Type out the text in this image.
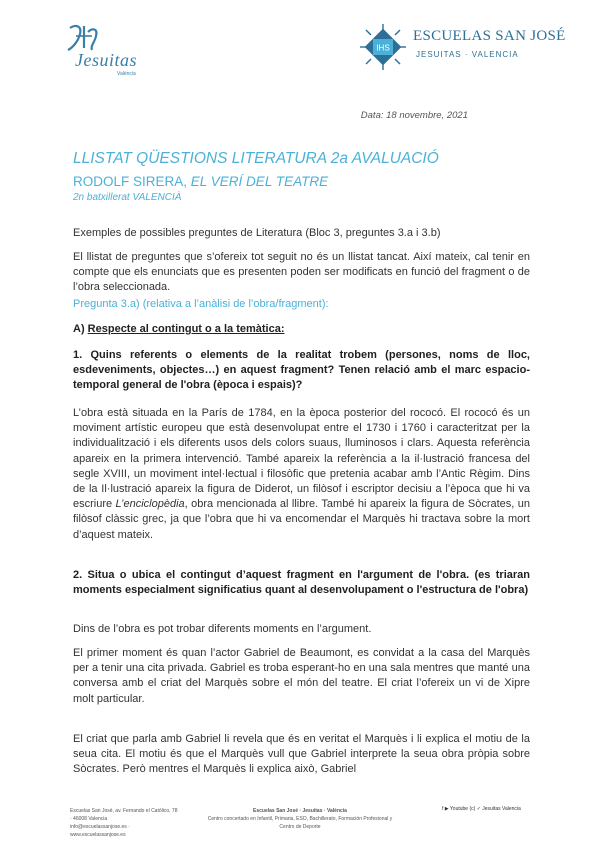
Jesuitas
València
IHS
ESCUELAS SAN JOSÉ
JESUITAS · VALENCIA
Data: 18 novembre, 2021
LLISTAT QÜESTIONS LITERATURA 2a AVALUACIÓ
RODOLF SIRERA, EL VERÍ DEL TEATRE
2n batxillerat VALENCIÀ
Exemples de possibles preguntes de Literatura (Bloc 3, preguntes 3.a i 3.b)
El llistat de preguntes que s’ofereix tot seguit no és un llistat tancat. Així mateix, cal tenir en compte que els enunciats que es presenten poden ser modificats en funció del fragment o de l’obra seleccionada.
Pregunta 3.a) (relativa a l’anàlisi de l’obra/fragment):
A) Respecte al contingut o a la temàtica:
1. Quins referents o elements de la realitat trobem (persones, noms de lloc, esdeveniments, objectes…) en aquest fragment? Tenen relació amb el marc espacio-temporal general de l'obra (època i espais)?
L’obra està situada en la París de 1784, en la època posterior del rococó. El rococó és un moviment artístic europeu que està desenvolupat entre el 1730 i 1760 i caracteritzat per la individualització i els diferents usos dels colors suaus, lluminosos i clars. Aquesta referència apareix en la primera intervenció. També apareix la referència a la il·lustració francesa del segle XVIII, un moviment intel·lectual i filosòfic que pretenia acabar amb l’Antic Règim. Dins de la Il·lustració apareix la figura de Diderot, un filòsof i escriptor decisiu a l’època que hi va escriure L’enciclopèdia, obra mencionada al llibre. També hi apareix la figura de Sòcrates, un filòsof clàssic grec, ja que l’obra que hi va encomendar el Marquès hi tractava sobre la mort d’aquest mateix.
2. Situa o ubica el contingut d’aquest fragment en l'argument de l'obra. (es triaran moments especialment significatius quant al desenvolupament o l'estructura de l'obra)
Dins de l’obra es pot trobar diferents moments en l’argument.
El primer moment és quan l’actor Gabriel de Beaumont, es convidat a la casa del Marquès per a tenir una cita privada. Gabriel es troba esperant-ho en una sala mentres que manté una conversa amb el criat del Marquès sobre el món del teatre. El criat l’ofereix un vi de Xipre molt particular.
El criat que parla amb Gabriel li revela que és en veritat el Marquès i li explica el motiu de la seua cita. El motiu és que el Marquès vull que Gabriel interprete la seua obra pròpia sobre Sòcrates. Però mentres el Marquès li explica això, Gabriel
Escuelas San José, av. Fernando el Católico, 78 · 46008 Valencia
info@escuelassanjose.es · www.escuelassanjose.es
Escuelas San José · Jesuitas · València
Centro concertado en Infantil, Primaria, ESO, Bachillerato, Formación Profesional y Centro de Deporte
f ▶ Youtube (c) ✓ Jesuitas Valencia
